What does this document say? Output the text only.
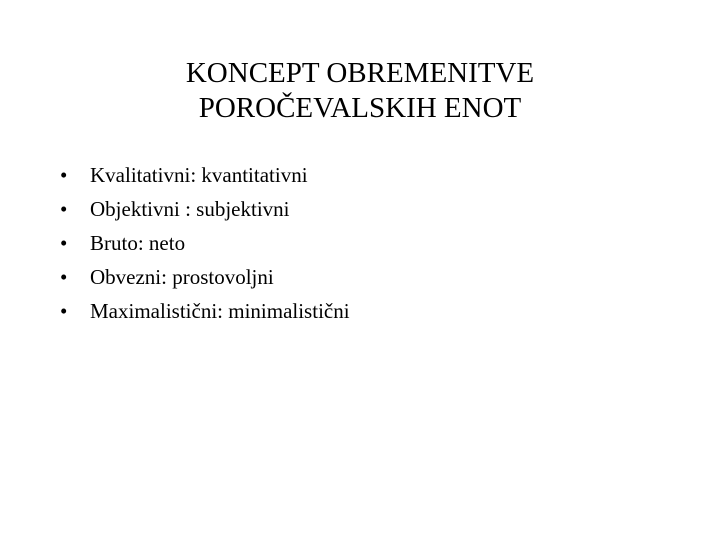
KONCEPT OBREMENITVE
POROČEVALSKIH ENOT
•	Kvalitativni: kvantitativni
•	Objektivni : subjektivni
•	Bruto: neto
•	Obvezni: prostovoljni
•	Maximalistični: minimalistični
